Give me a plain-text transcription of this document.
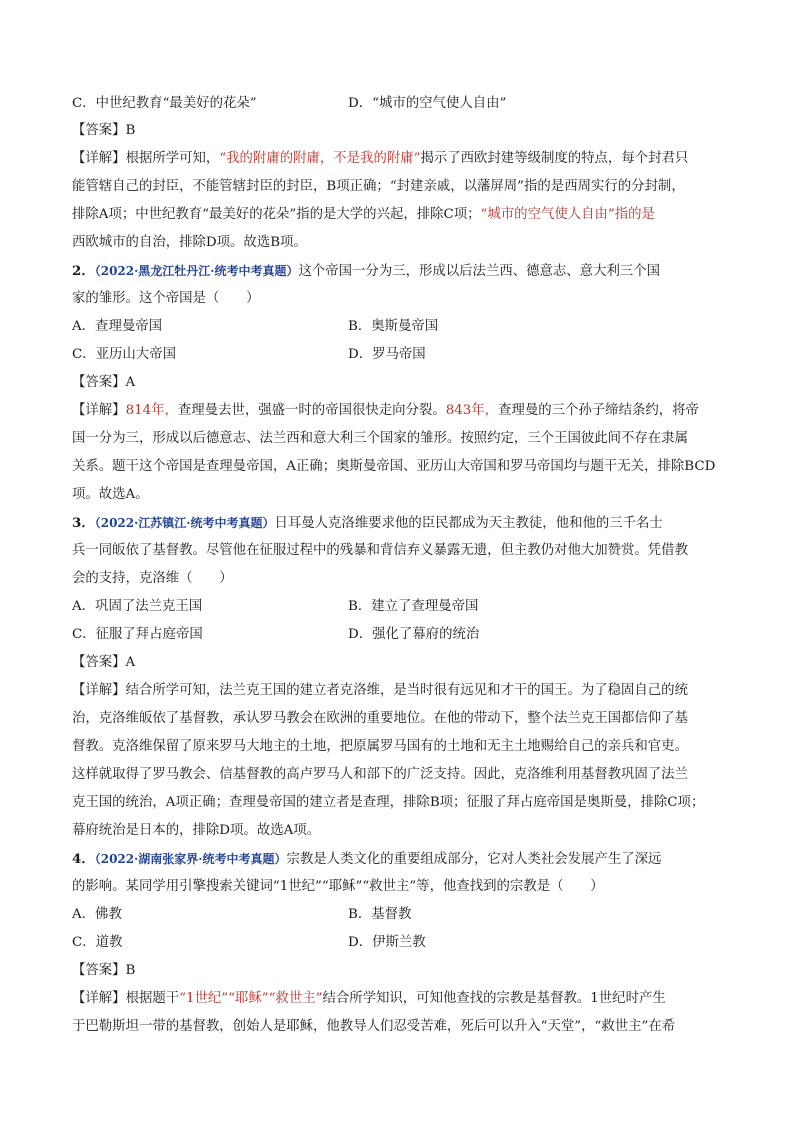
C．中世纪教育“最美好的花朵”	D．“城市的空气使人自由”
【答案】B
【详解】根据所学可知，“我的附庸的附庸，不是我的附庸”揭示了西欧封建等级制度的特点，每个封君只
能管辖自己的封臣，不能管辖封臣的封臣，B项正确；“封建亲戚，以藩屏周”指的是西周实行的分封制，
排除A项；中世纪教育“最美好的花朵”指的是大学的兴起，排除C项；“城市的空气使人自由”指的是
西欧城市的自治，排除D项。故选B项。
2．（2022·黑龙江牡丹江·统考中考真题）这个帝国一分为三，形成以后法兰西、德意志、意大利三个国
家的雏形。这个帝国是（　　）
A．查理曼帝国	B．奥斯曼帝国
C．亚历山大帝国	D．罗马帝国
【答案】A
【详解】814年，查理曼去世，强盛一时的帝国很快走向分裂。843年，查理曼的三个孙子缔结条约，将帝
国一分为三，形成以后德意志、法兰西和意大利三个国家的雏形。按照约定，三个王国彼此间不存在隶属
关系。题干这个帝国是查理曼帝国，A正确；奥斯曼帝国、亚历山大帝国和罗马帝国均与题干无关，排除BCD
项。故选A。
3．（2022·江苏镇江·统考中考真题）日耳曼人克洛维要求他的臣民都成为天主教徒，他和他的三千名士
兵一同皈依了基督教。尽管他在征服过程中的残暴和背信弃义暴露无遗，但主教仍对他大加赞赏。凭借教
会的支持，克洛维（　　）
A．巩固了法兰克王国	B．建立了查理曼帝国
C．征服了拜占庭帝国	D．强化了幕府的统治
【答案】A
【详解】结合所学可知，法兰克王国的建立者克洛维，是当时很有远见和才干的国王。为了稳固自己的统
治，克洛维皈依了基督教，承认罗马教会在欧洲的重要地位。在他的带动下，整个法兰克王国都信仰了基
督教。克洛维保留了原来罗马大地主的土地，把原属罗马国有的土地和无主土地赐给自己的亲兵和官吏。
这样就取得了罗马教会、信基督教的高卢罗马人和部下的广泛支持。因此，克洛维利用基督教巩固了法兰
克王国的统治，A项正确；查理曼帝国的建立者是查理，排除B项；征服了拜占庭帝国是奥斯曼，排除C项；
幕府统治是日本的，排除D项。故选A项。
4．（2022·湖南张家界·统考中考真题）宗教是人类文化的重要组成部分，它对人类社会发展产生了深远
的影响。某同学用引擎搜索关键词“1世纪”“耶稣”“救世主”等，他查找到的宗教是（　　）
A．佛教	B．基督教
C．道教	D．伊斯兰教
【答案】B
【详解】根据题干“1世纪”“耶稣”“救世主”结合所学知识，可知他查找的宗教是基督教。1世纪时产生
于巴勒斯坦一带的基督教，创始人是耶稣，他教导人们忍受苦难，死后可以升入“天堂”，“救世主”在希
